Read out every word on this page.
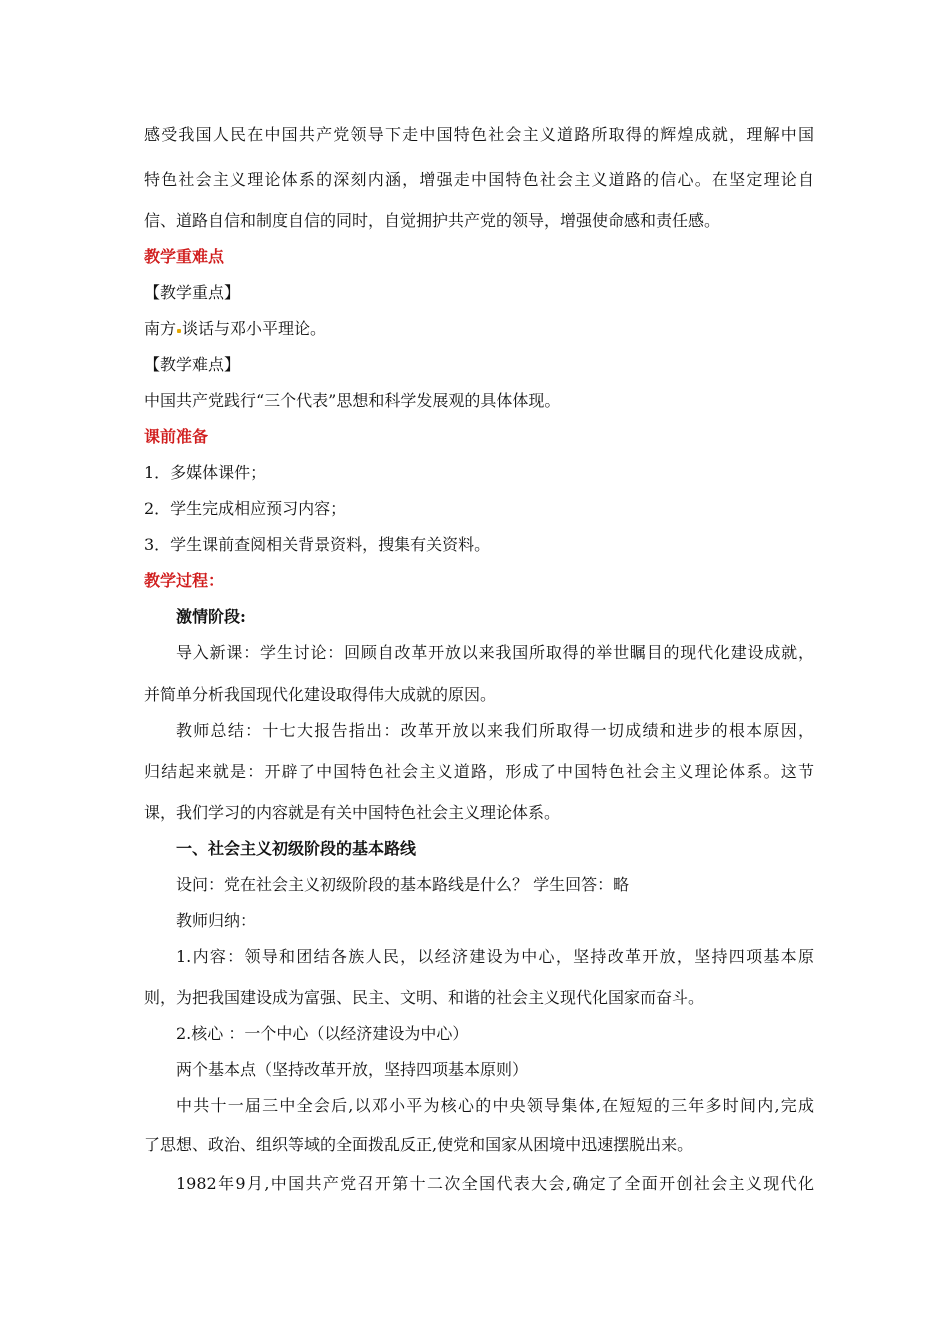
感受我国人民在中国共产党领导下走中国特色社会主义道路所取得的辉煌成就，理解中国
特色社会主义理论体系的深刻内涵，增强走中国特色社会主义道路的信心。在坚定理论自
信、道路自信和制度自信的同时，自觉拥护共产党的领导，增强使命感和责任感。
教学重难点
【教学重点】
南方 谈话与邓小平理论。
【教学难点】
中国共产党践行“三个代表”思想和科学发展观的具体体现。
课前准备
1．多媒体课件；
2．学生完成相应预习内容；
3．学生课前查阅相关背景资料，搜集有关资料。
教学过程：
激情阶段:
导入新课：学生讨论：回顾自改革开放以来我国所取得的举世瞩目的现代化建设成就，
并简单分析我国现代化建设取得伟大成就的原因。
教师总结：十七大报告指出：改革开放以来我们所取得一切成绩和进步的根本原因，
归结起来就是：开辟了中国特色社会主义道路，形成了中国特色社会主义理论体系。这节
课，我们学习的内容就是有关中国特色社会主义理论体系。
一、社会主义初级阶段的基本路线
设问：党在社会主义初级阶段的基本路线是什么？ 学生回答：略
教师归纳：
1.内容：领导和团结各族人民，以经济建设为中心，坚持改革开放，坚持四项基本原
则，为把我国建设成为富强、民主、文明、和谐的社会主义现代化国家而奋斗。
2.核心 ：一个中心（以经济建设为中心）
两个基本点（坚持改革开放，坚持四项基本原则）
中共十一届三中全会后,以邓小平为核心的中央领导集体,在短短的三年多时间内,完成
了思想、政治、组织等域的全面拨乱反正,使党和国家从困境中迅速摆脱出来。
1982年9月,中国共产党召开第十二次全国代表大会,确定了全面开创社会主义现代化
